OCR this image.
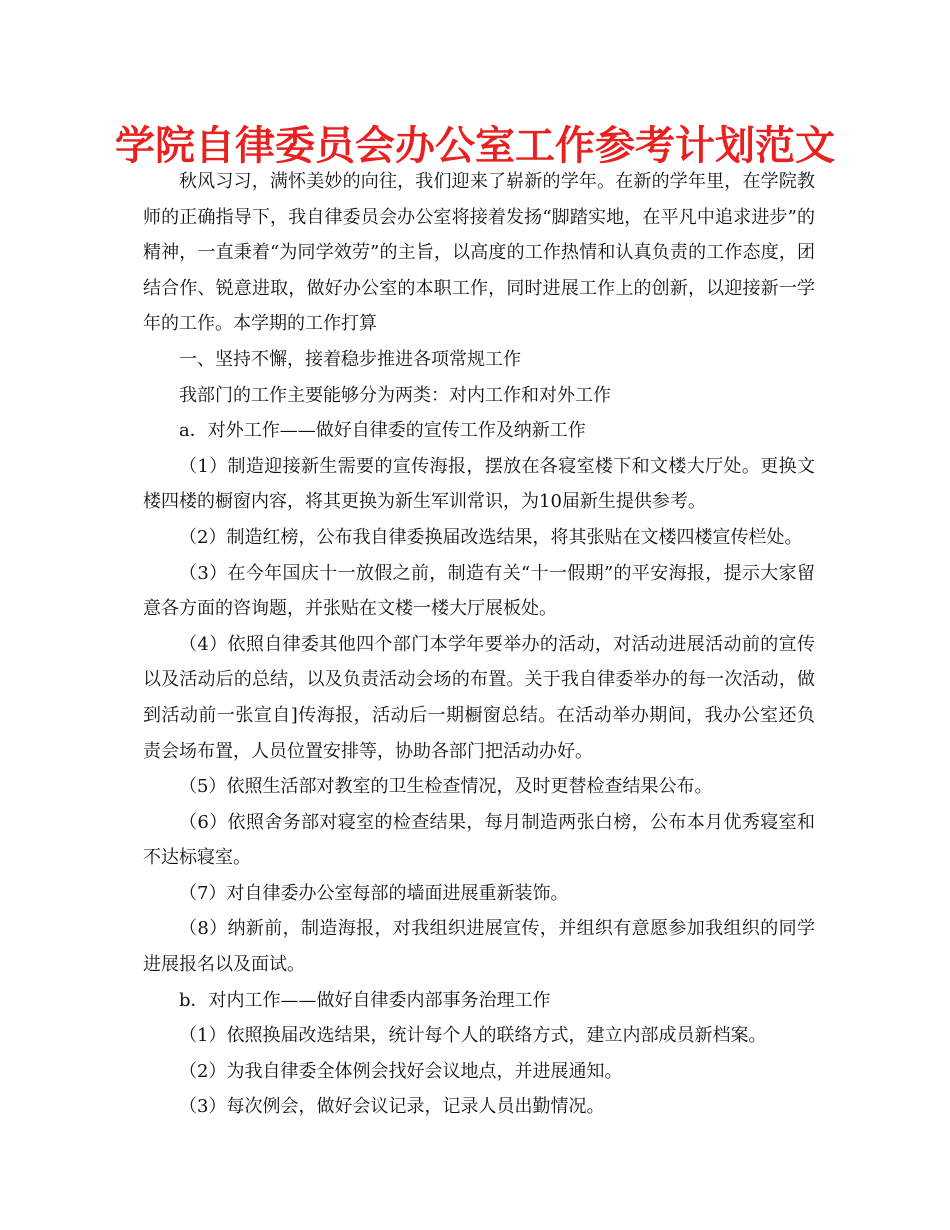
学院自律委员会办公室工作参考计划范文

秋风习习，满怀美妙的向往，我们迎来了崭新的学年。在新的学年里，在学院教师的正确指导下，我自律委员会办公室将接着发扬“脚踏实地，在平凡中追求进步”的精神，一直秉着“为同学效劳”的主旨，以高度的工作热情和认真负责的工作态度，团结合作、锐意进取，做好办公室的本职工作，同时进展工作上的创新，以迎接新一学年的工作。本学期的工作打算

一、坚持不懈，接着稳步推进各项常规工作

我部门的工作主要能够分为两类：对内工作和对外工作

a．对外工作——做好自律委的宣传工作及纳新工作

（1）制造迎接新生需要的宣传海报，摆放在各寝室楼下和文楼大厅处。更换文楼四楼的橱窗内容，将其更换为新生军训常识，为10届新生提供参考。

（2）制造红榜，公布我自律委换届改选结果，将其张贴在文楼四楼宣传栏处。

（3）在今年国庆十一放假之前，制造有关“十一假期”的平安海报，提示大家留意各方面的咨询题，并张贴在文楼一楼大厅展板处。

（4）依照自律委其他四个部门本学年要举办的活动，对活动进展活动前的宣传以及活动后的总结，以及负责活动会场的布置。关于我自律委举办的每一次活动，做到活动前一张宣自]传海报，活动后一期橱窗总结。在活动举办期间，我办公室还负责会场布置，人员位置安排等，协助各部门把活动办好。

（5）依照生活部对教室的卫生检查情况，及时更替检查结果公布。

（6）依照舍务部对寝室的检查结果，每月制造两张白榜，公布本月优秀寝室和不达标寝室。

（7）对自律委办公室每部的墙面进展重新装饰。

（8）纳新前，制造海报，对我组织进展宣传，并组织有意愿参加我组织的同学进展报名以及面试。

b．对内工作——做好自律委内部事务治理工作

（1）依照换届改选结果，统计每个人的联络方式，建立内部成员新档案。

（2）为我自律委全体例会找好会议地点，并进展通知。

（3）每次例会，做好会议记录，记录人员出勤情况。
